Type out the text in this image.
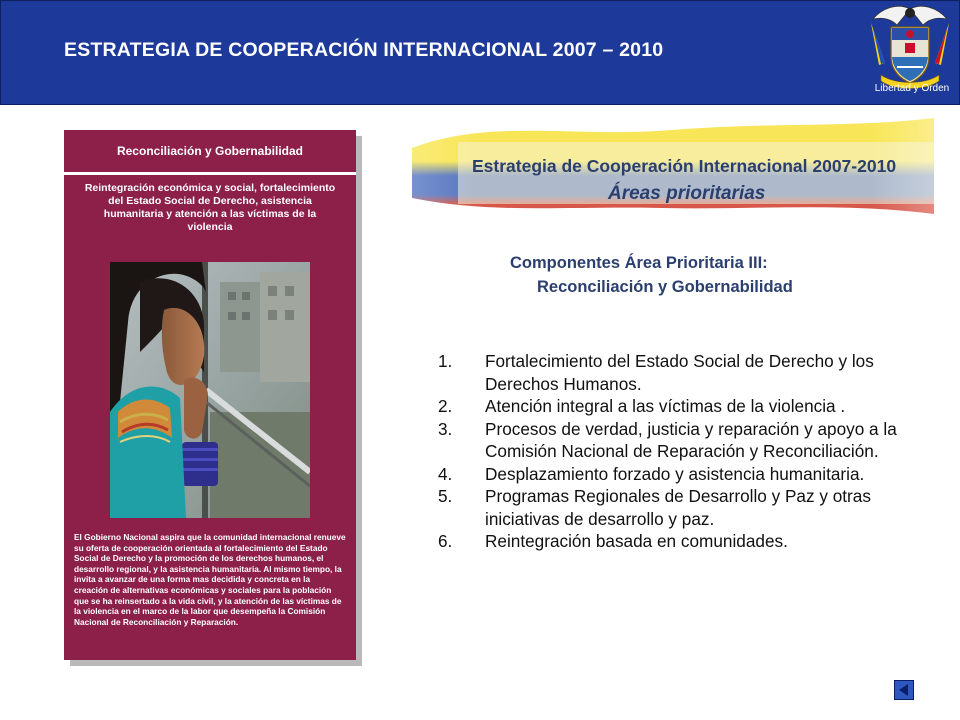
ESTRATEGIA DE COOPERACIÓN INTERNACIONAL 2007 – 2010
Libertad y Orden
Reconciliación y Gobernabilidad
Reintegración económica y social, fortalecimiento del Estado Social de Derecho, asistencia humanitaria y atención a las víctimas de la violencia
El Gobierno Nacional aspira que la comunidad internacional renueve su oferta de cooperación orientada al fortalecimiento del Estado Social de Derecho y la promoción de los derechos humanos, el desarrollo regional, y la asistencia humanitaria. Al mismo tiempo, la invita a avanzar de una forma mas decidida y concreta en la creación de alternativas económicas y sociales para la población que se ha reinsertado a la vida civil, y la atención de las víctimas de la violencia en el marco de la labor que desempeña la Comisión Nacional de Reconciliación y Reparación.
Estrategia de Cooperación Internacional 2007-2010
Áreas prioritarias
Componentes Área Prioritaria III:
Reconciliación y Gobernabilidad
1. Fortalecimiento del Estado Social de Derecho y los Derechos Humanos.
2. Atención integral a las víctimas de la violencia .
3. Procesos de verdad, justicia y reparación y apoyo a la Comisión Nacional de Reparación y Reconciliación.
4. Desplazamiento forzado y asistencia humanitaria.
5. Programas Regionales de Desarrollo y Paz y otras iniciativas de desarrollo y paz.
6. Reintegración basada en comunidades.
